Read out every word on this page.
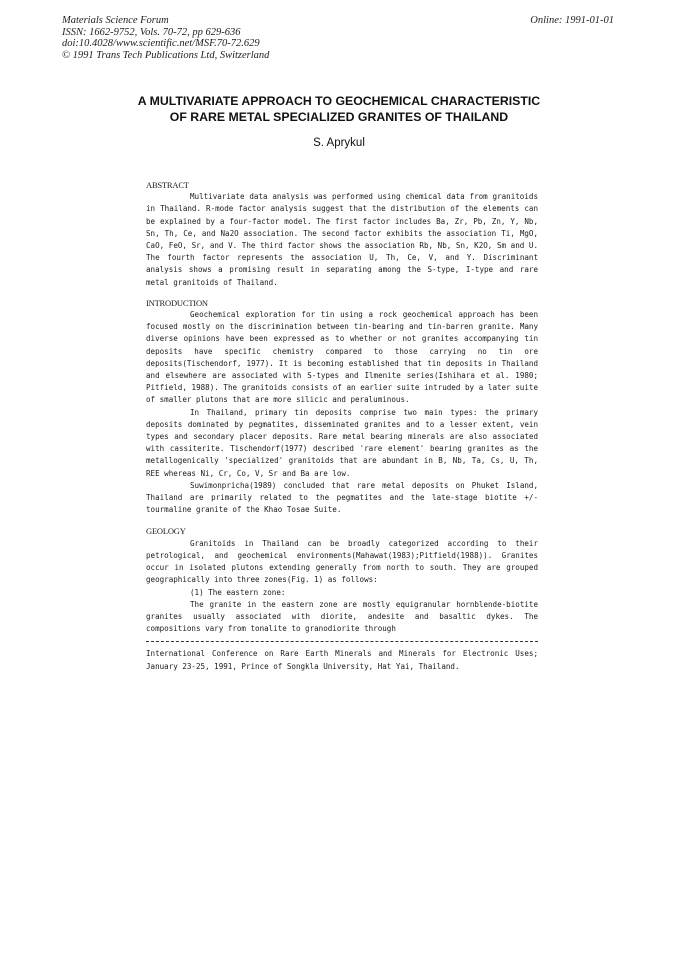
Materials Science Forum
ISSN: 1662-9752, Vols. 70-72, pp 629-636
doi:10.4028/www.scientific.net/MSF.70-72.629
© 1991 Trans Tech Publications Ltd, Switzerland
Online: 1991-01-01
A MULTIVARIATE APPROACH TO GEOCHEMICAL CHARACTERISTIC
OF RARE METAL SPECIALIZED GRANITES OF THAILAND
S. Aprykul

ABSTRACT

Multivariate data analysis was performed using chemical data from granitoids in Thailand. R-mode factor analysis suggest that the distribution of the elements can be explained by a four-factor model. The first factor includes Ba, Zr, Pb, Zn, Y, Nb, Sn, Th, Ce, and Na2O association. The second factor exhibits the association Ti, MgO, CaO, FeO, Sr, and V. The third factor shows the association Rb, Nb, Sn, K2O, Sm and U. The fourth factor represents the association U, Th, Ce, V, and Y. Discriminant analysis shows a promising result in separating among the S-type, I-type and rare metal granitoids of Thailand.

INTRODUCTION

Geochemical exploration for tin using a rock geochemical approach has been focused mostly on the discrimination between tin-bearing and tin-barren granite. Many diverse opinions have been expressed as to whether or not granites accompanying tin deposits have specific chemistry compared to those carrying no tin ore deposits(Tischendorf, 1977). It is becoming established that tin deposits in Thailand and elsewhere are associated with S-types and Ilmenite series(Ishihara et al. 1980; Pitfield, 1988). The granitoids consists of an earlier suite intruded by a later suite of smaller plutons that are more silicic and peraluminous.

In Thailand, primary tin deposits comprise two main types: the primary deposits dominated by pegmatites, disseminated granites and to a lesser extent, vein types and secondary placer deposits. Rare metal bearing minerals are also associated with cassiterite. Tischendorf(1977) described 'rare element' bearing granites as the metallogenically 'specialized' granitoids that are abundant in B, Nb, Ta, Cs, U, Th, REE whereas Ni, Cr, Co, V, Sr and Ba are low.

Suwimonpricha(1989) concluded that rare metal deposits on Phuket Island, Thailand are primarily related to the pegmatites and the late-stage biotite +/- tourmaline granite of the Khao Tosae Suite.

GEOLOGY

Granitoids in Thailand can be broadly categorized according to their petrological, and geochemical environments(Mahawat(1983);Pitfield(1988)). Granites occur in isolated plutons extending generally from north to south. They are grouped geographically into three zones(Fig. 1) as follows:

(1) The eastern zone:

The granite in the eastern zone are mostly equigranular hornblende-biotite granites usually associated with diorite, andesite and basaltic dykes. The compositions vary from tonalite to granodiorite through

International Conference on Rare Earth Minerals and Minerals for Electronic Uses; January 23-25, 1991, Prince of Songkla University, Hat Yai, Thailand.
